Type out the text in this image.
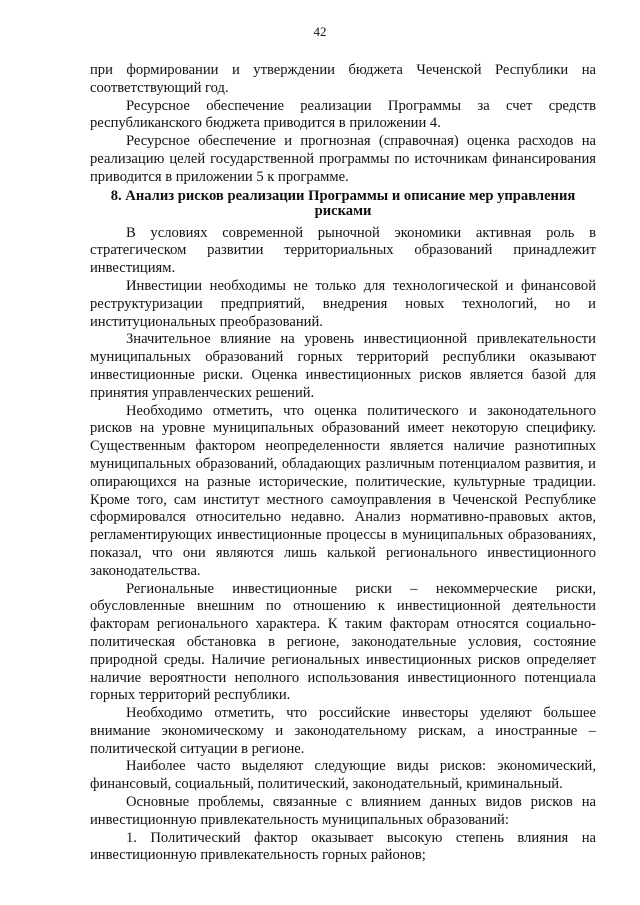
42

при формировании и утверждении бюджета Чеченской Республики на соответствующий год.

Ресурсное обеспечение реализации Программы за счет средств республиканского бюджета приводится в приложении 4.

Ресурсное обеспечение и прогнозная (справочная) оценка расходов на реализацию целей государственной программы по источникам финансирования приводится в приложении 5 к программе.

8. Анализ рисков реализации Программы и описание мер управления рисками

В условиях современной рыночной экономики активная роль в стратегическом развитии территориальных образований принадлежит инвестициям.

Инвестиции необходимы не только для технологической и финансовой реструктуризации предприятий, внедрения новых технологий, но и институциональных преобразований.

Значительное влияние на уровень инвестиционной привлекательности муниципальных образований горных территорий республики оказывают инвестиционные риски. Оценка инвестиционных рисков является базой для принятия управленческих решений.

Необходимо отметить, что оценка политического и законодательного рисков на уровне муниципальных образований имеет некоторую специфику. Существенным фактором неопределенности является наличие разнотипных муниципальных образований, обладающих различным потенциалом развития, и опирающихся на разные исторические, политические, культурные традиции. Кроме того, сам институт местного самоуправления в Чеченской Республике сформировался относительно недавно. Анализ нормативно-правовых актов, регламентирующих инвестиционные процессы в муниципальных образованиях, показал, что они являются лишь калькой регионального инвестиционного законодательства.

Региональные инвестиционные риски – некоммерческие риски, обусловленные внешним по отношению к инвестиционной деятельности факторам регионального характера. К таким факторам относятся социально-политическая обстановка в регионе, законодательные условия, состояние природной среды. Наличие региональных инвестиционных рисков определяет наличие вероятности неполного использования инвестиционного потенциала горных территорий республики.

Необходимо отметить, что российские инвесторы уделяют большее внимание экономическому и законодательному рискам, а иностранные – политической ситуации в регионе.

Наиболее часто выделяют следующие виды рисков: экономический, финансовый, социальный, политический, законодательный, криминальный.

Основные проблемы, связанные с влиянием данных видов рисков на инвестиционную привлекательность муниципальных образований:

1. Политический фактор оказывает высокую степень влияния на инвестиционную привлекательность горных районов;
